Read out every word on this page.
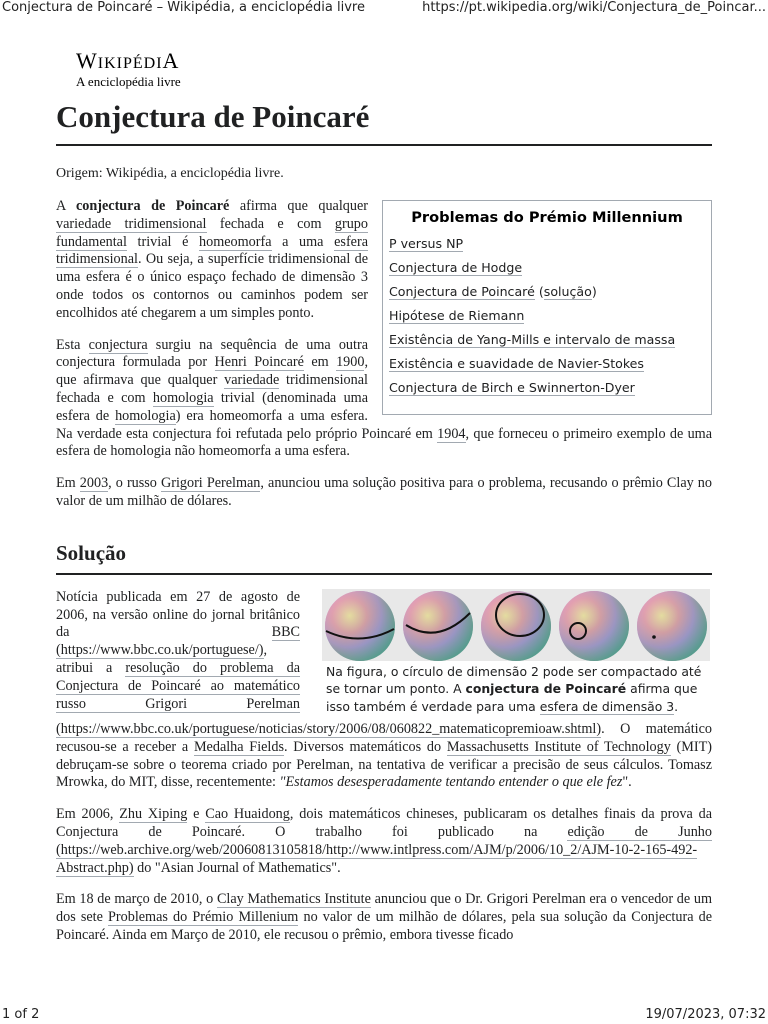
Conjectura de Poincaré – Wikipédia, a enciclopédia livre	https://pt.wikipedia.org/wiki/Conjectura_de_Poincar...
WIKIPÉDIA
A enciclopédia livre
Conjectura de Poincaré
Origem: Wikipédia, a enciclopédia livre.
Problemas do Prémio Millennium
P versus NP
Conjectura de Hodge
Conjectura de Poincaré (solução)
Hipótese de Riemann
Existência de Yang-Mills e intervalo de massa
Existência e suavidade de Navier-Stokes
Conjectura de Birch e Swinnerton-Dyer

A conjectura de Poincaré afirma que qualquer variedade tridimensional fechada e com grupo fundamental trivial é homeomorfa a uma esfera tridimensional. Ou seja, a superfície tridimensional de uma esfera é o único espaço fechado de dimensão 3 onde todos os contornos ou caminhos podem ser encolhidos até chegarem a um simples ponto.

Esta conjectura surgiu na sequência de uma outra conjectura formulada por Henri Poincaré em 1900, que afirmava que qualquer variedade tridimensional fechada e com homologia trivial (denominada uma esfera de homologia) era homeomorfa a uma esfera. Na verdade esta conjectura foi refutada pelo próprio Poincaré em 1904, que forneceu o primeiro exemplo de uma esfera de homologia não homeomorfa a uma esfera.

Em 2003, o russo Grigori Perelman, anunciou uma solução positiva para o problema, recusando o prêmio Clay no valor de um milhão de dólares.

Solução
Na figura, o círculo de dimensão 2 pode ser compactado até se tornar um ponto. A conjectura de Poincaré afirma que isso também é verdade para uma esfera de dimensão 3.

Notícia publicada em 27 de agosto de 2006, na versão online do jornal britânico da BBC (https://www.bbc.co.uk/portuguese/), atribui a resolução do problema da Conjectura de Poincaré ao matemático russo Grigori Perelman (https://www.bbc.co.uk/portuguese/noticias/story/2006/08/060822_matematicopremioaw.shtml). O matemático recusou-se a receber a Medalha Fields. Diversos matemáticos do Massachusetts Institute of Technology (MIT) debruçam-se sobre o teorema criado por Perelman, na tentativa de verificar a precisão de seus cálculos. Tomasz Mrowka, do MIT, disse, recentemente: "Estamos desesperadamente tentando entender o que ele fez".

Em 2006, Zhu Xiping e Cao Huaidong, dois matemáticos chineses, publicaram os detalhes finais da prova da Conjectura de Poincaré. O trabalho foi publicado na edição de Junho (https://web.archive.org/web/20060813105818/http://www.intlpress.com/AJM/p/2006/10_2/AJM-10-2-165-492-Abstract.php) do "Asian Journal of Mathematics".

Em 18 de março de 2010, o Clay Mathematics Institute anunciou que o Dr. Grigori Perelman era o vencedor de um dos sete Problemas do Prémio Millenium no valor de um milhão de dólares, pela sua solução da Conjectura de Poincaré. Ainda em Março de 2010, ele recusou o prêmio, embora tivesse ficado

1 of 2	19/07/2023, 07:32
